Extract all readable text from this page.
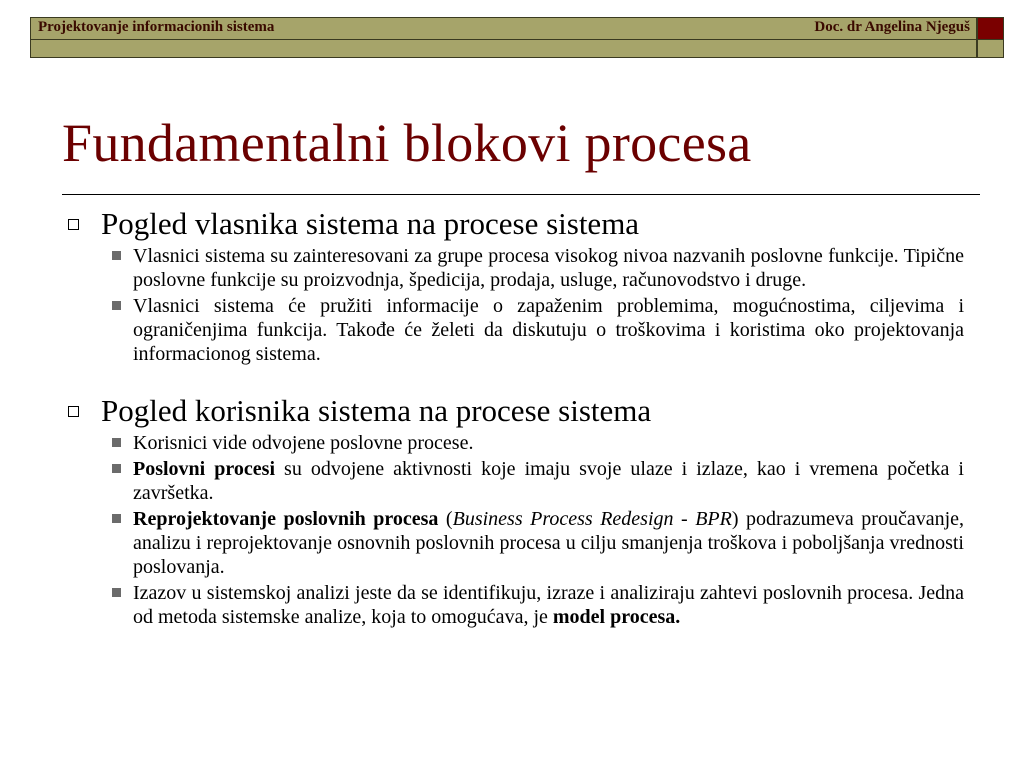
Projektovanje informacionih sistema	Doc. dr Angelina Njeguš
Fundamentalni blokovi procesa
Pogled vlasnika sistema na procese sistema
Vlasnici sistema su zainteresovani za grupe procesa visokog nivoa nazvanih poslovne funkcije. Tipične poslovne funkcije su proizvodnja, špedicija, prodaja, usluge, računovodstvo i druge.
Vlasnici sistema će pružiti informacije o zapaženim problemima, mogućnostima, ciljevima i ograničenjima funkcija. Takođe će želeti da diskutuju o troškovima i koristima oko projektovanja informacionog sistema.
Pogled korisnika sistema na procese sistema
Korisnici vide odvojene poslovne procese.
Poslovni procesi su odvojene aktivnosti koje imaju svoje ulaze i izlaze, kao i vremena početka i završetka.
Reprojektovanje poslovnih procesa (Business Process Redesign - BPR) podrazumeva proučavanje, analizu i reprojektovanje osnovnih poslovnih procesa u cilju smanjenja troškova i poboljšanja vrednosti poslovanja.
Izazov u sistemskoj analizi jeste da se identifikuju, izraze i analiziraju zahtevi poslovnih procesa. Jedna od metoda sistemske analize, koja to omogućava, je model procesa.
